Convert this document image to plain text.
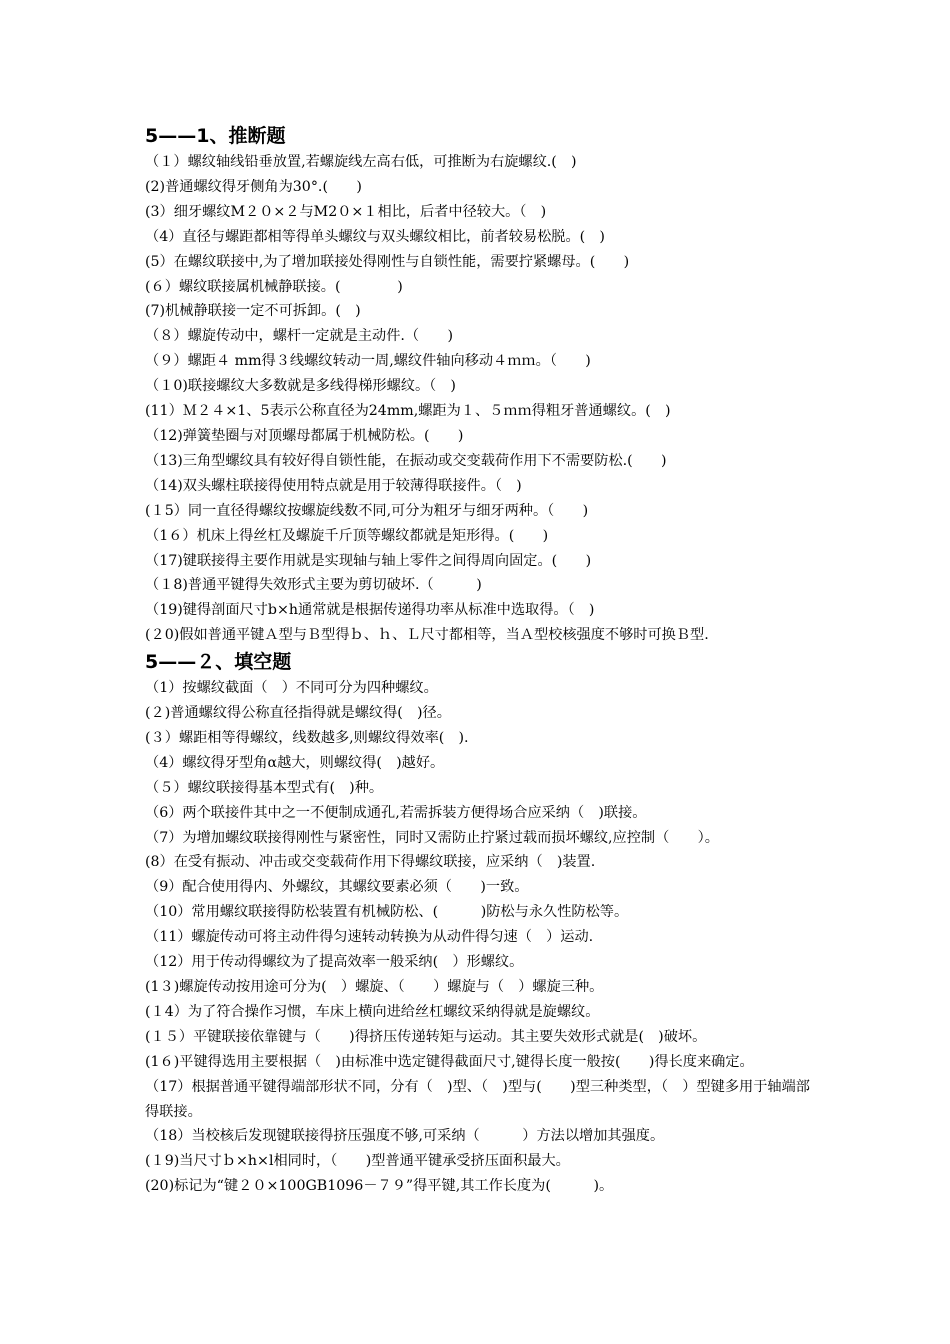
5——1、推断题

（１）螺纹轴线铅垂放置,若螺旋线左高右低，可推断为右旋螺纹.(　)

(2)普通螺纹得牙侧角为30°.(　　)

(3）细牙螺纹M２０×２与M2０×１相比，后者中径较大。（　)

（4）直径与螺距都相等得单头螺纹与双头螺纹相比，前者较易松脱。(　)

(5）在螺纹联接中,为了增加联接处得刚性与自锁性能，需要拧紧螺母。(　　)

(６）螺纹联接属机械静联接。(　　　　)

(7)机械静联接一定不可拆卸。(　)

（８）螺旋传动中，螺杆一定就是主动件.（　　)

（９）螺距４ mm得３线螺纹转动一周,螺纹件轴向移动４ｍｍ。（　　)

（１0)联接螺纹大多数就是多线得梯形螺纹。（　)

(11）Ｍ２４×1、5表示公称直径为24mm,螺距为１、５ｍｍ得粗牙普通螺纹。(　)

（12)弹簧垫圈与对顶螺母都属于机械防松。(　　)

（13)三角型螺纹具有较好得自锁性能，在振动或交变载荷作用下不需要防松.(　　)

（14)双头螺柱联接得使用特点就是用于较薄得联接件。（　)

(１5）同一直径得螺纹按螺旋线数不同,可分为粗牙与细牙两种。（　　)

（1６）机床上得丝杠及螺旋千斤顶等螺纹都就是矩形得。(　　)

（17)键联接得主要作用就是实现轴与轴上零件之间得周向固定。(　　)

（１8)普通平键得失效形式主要为剪切破坏.（　　　)

（19)键得剖面尺寸b×h通常就是根据传递得功率从标准中选取得。（　)

(２0)假如普通平键Ａ型与Ｂ型得ｂ、ｈ、Ｌ尺寸都相等，当Ａ型校核强度不够时可换Ｂ型.

5——２、填空题

（1）按螺纹截面（　）不同可分为四种螺纹。

(２)普通螺纹得公称直径指得就是螺纹得(　)径。

(３）螺距相等得螺纹，线数越多,则螺纹得效率(　).

（4）螺纹得牙型角α越大，则螺纹得(　)越好。

（５）螺纹联接得基本型式有(　)种。

（6）两个联接件其中之一不便制成通孔,若需拆装方便得场合应采纳（　)联接。

（7）为增加螺纹联接得刚性与紧密性，同时又需防止拧紧过载而损坏螺纹,应控制（　　）。

(8）在受有振动、冲击或交变载荷作用下得螺纹联接，应采纳（　)装置.

（9）配合使用得内、外螺纹，其螺纹要素必须（　　)一致。

（10）常用螺纹联接得防松装置有机械防松、(　　　)防松与永久性防松等。

（11）螺旋传动可将主动件得匀速转动转换为从动件得匀速（　）运动.

（12）用于传动得螺纹为了提高效率一般采纳(　）形螺纹。

(1３)螺旋传动按用途可分为(　）螺旋、（　　）螺旋与（　）螺旋三种。

(１4）为了符合操作习惯，车床上横向进给丝杠螺纹采纳得就是旋螺纹。

(１５）平键联接依靠键与（　　)得挤压传递转矩与运动。其主要失效形式就是(　)破坏。

(1６)平键得选用主要根据（　)由标准中选定键得截面尺寸,键得长度一般按(　　)得长度来确定。

（17）根据普通平键得端部形状不同，分有（　)型、（　)型与(　　)型三种类型，（　）型键多用于轴端部得联接。

（18）当校核后发现键联接得挤压强度不够,可采纳（　　　）方法以增加其强度。

(１9)当尺寸ｂ×h×l相同时，（　　)型普通平键承受挤压面积最大。

(20)标记为“键２０×100GB1096－７９”得平键,其工作长度为(　　　)。
